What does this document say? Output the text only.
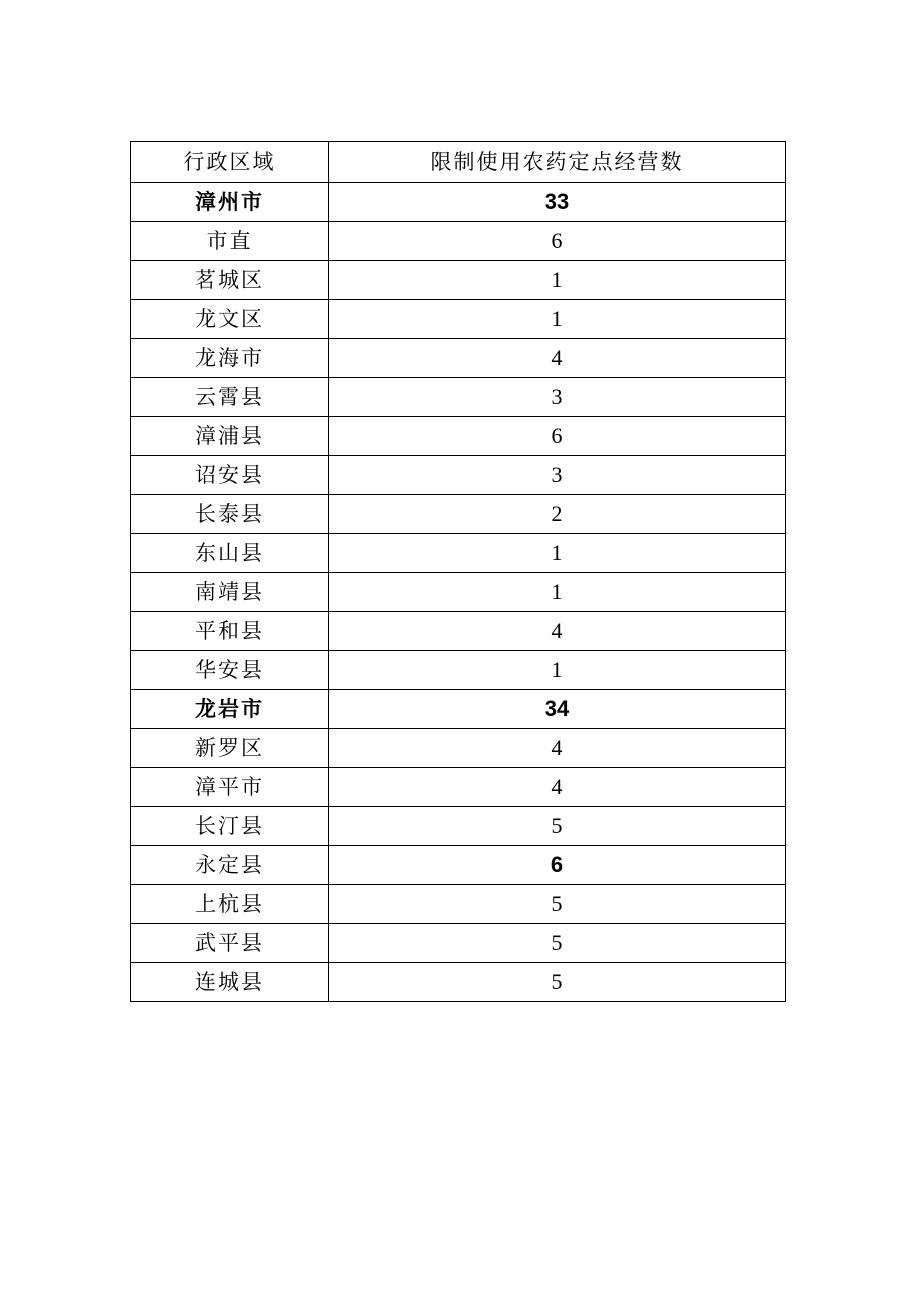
行政区域	限制使用农药定点经营数
漳州市	33
市直	6
茗城区	1
龙文区	1
龙海市	4
云霄县	3
漳浦县	6
诏安县	3
长泰县	2
东山县	1
南靖县	1
平和县	4
华安县	1
龙岩市	34
新罗区	4
漳平市	4
长汀县	5
永定县	6
上杭县	5
武平县	5
连城县	5
